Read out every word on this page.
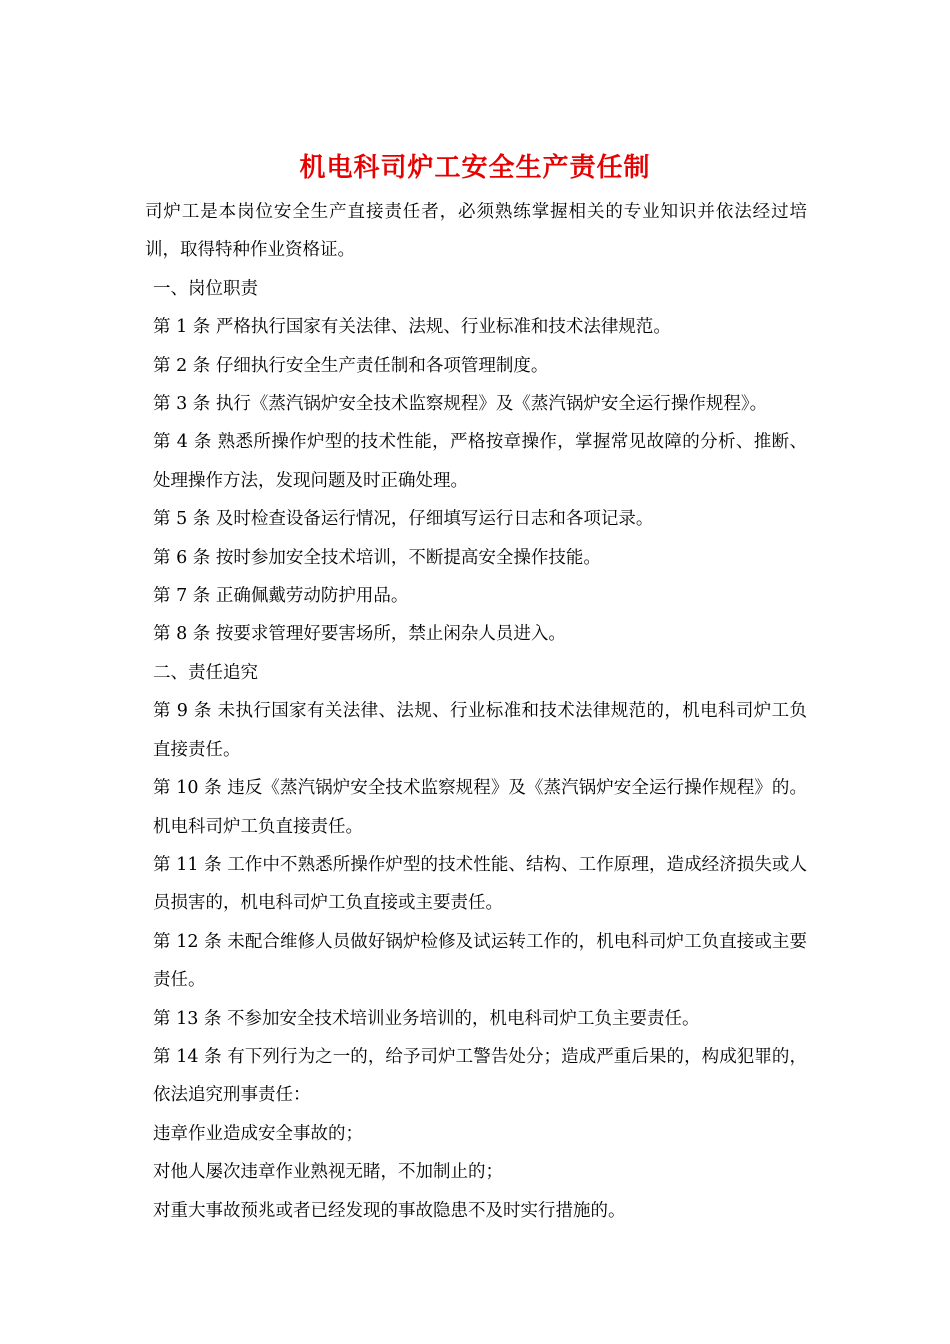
机电科司炉工安全生产责任制

司炉工是本岗位安全生产直接责任者，必须熟练掌握相关的专业知识并依法经过培训，取得特种作业资格证。

一、岗位职责

第 1 条 严格执行国家有关法律、法规、行业标准和技术法律规范。

第 2 条 仔细执行安全生产责任制和各项管理制度。

第 3 条 执行《蒸汽锅炉安全技术监察规程》及《蒸汽锅炉安全运行操作规程》。

第 4 条 熟悉所操作炉型的技术性能，严格按章操作，掌握常见故障的分析、推断、处理操作方法，发现问题及时正确处理。

第 5 条 及时检查设备运行情况，仔细填写运行日志和各项记录。

第 6 条 按时参加安全技术培训，不断提高安全操作技能。

第 7 条 正确佩戴劳动防护用品。

第 8 条 按要求管理好要害场所，禁止闲杂人员进入。

二、责任追究

第 9 条 未执行国家有关法律、法规、行业标准和技术法律规范的，机电科司炉工负直接责任。

第 10 条 违反《蒸汽锅炉安全技术监察规程》及《蒸汽锅炉安全运行操作规程》的。机电科司炉工负直接责任。

第 11 条 工作中不熟悉所操作炉型的技术性能、结构、工作原理，造成经济损失或人员损害的，机电科司炉工负直接或主要责任。

第 12 条 未配合维修人员做好锅炉检修及试运转工作的，机电科司炉工负直接或主要责任。

第 13 条 不参加安全技术培训业务培训的，机电科司炉工负主要责任。

第 14 条 有下列行为之一的，给予司炉工警告处分；造成严重后果的，构成犯罪的，依法追究刑事责任：

违章作业造成安全事故的；

对他人屡次违章作业熟视无睹，不加制止的；

对重大事故预兆或者已经发现的事故隐患不及时实行措施的。
